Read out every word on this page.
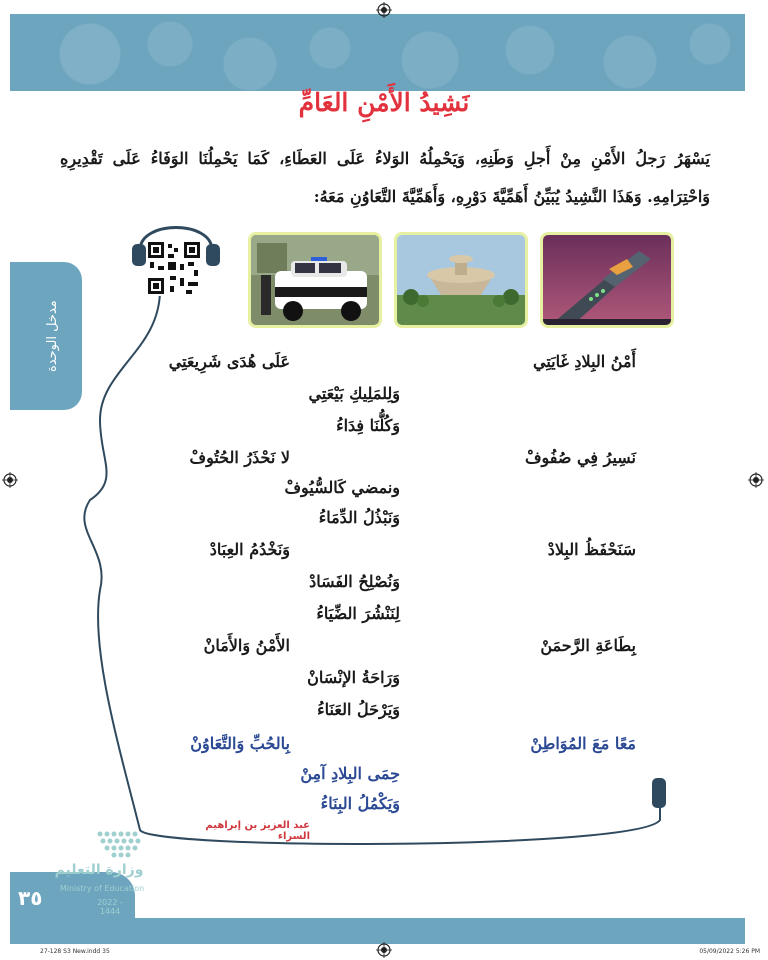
٣٥
مدخل الوحدة
نَشِيدُ الأَمْنِ العَامِّ
يَسْهَرُ رَجلُ الأَمْنِ مِنْ أَجلِ وَطَنِهِ، وَيَحْمِلُهُ الوَلاءُ عَلَى العَطَاءِ، كَمَا يَحْمِلُنَا الوَفَاءُ عَلَى تَقْدِيرِهِ وَاحْتِرَامِهِ. وَهَذَا النَّشِيدُ يُبَيِّنُ أَهَمِّيَّةَ دَوْرِهِ، وَأَهَمِّيَّةَ التَّعَاوُنِ مَعَهُ:
أَمْنُ البِلادِ غَايَتِي
عَلَى هُدَى شَرِيعَتِي
وَلِلمَلِيكِ بَيْعَتِي
وَكُلُّنَا فِدَاءُ
نَسِيرُ فِي صُفُوفْ
لا نَحْذَرُ الحُتُوفْ
ونمضي كَالسُّيُوفْ
وَنَبْذُلُ الدِّمَاءُ
سَنَحْفَظُ البِلادْ
وَنَخْدُمُ العِبَادْ
وَنُصْلِحُ الفَسَادْ
لِنَنْشُرَ الضِّيَاءُ
بِطَاعَةِ الرَّحمَنْ
الأَمْنُ وَالأَمَانْ
وَرَاحَةُ الإنْسَانْ
وَيَرْحَلُ العَنَاءُ
مَعًا مَعَ المُوَاطِنْ
بِالحُبِّ وَالتَّعَاوُنْ
حِمَى البِلادِ آمِنْ
وَيَكْمُلُ البِنَاءُ
عبد العزيز بن إبراهيم السراء
وزارة التعليم
Ministry of Education
2022 - 1444
27-128 S3 New.indd 35	05/09/2022 5:26 PM
